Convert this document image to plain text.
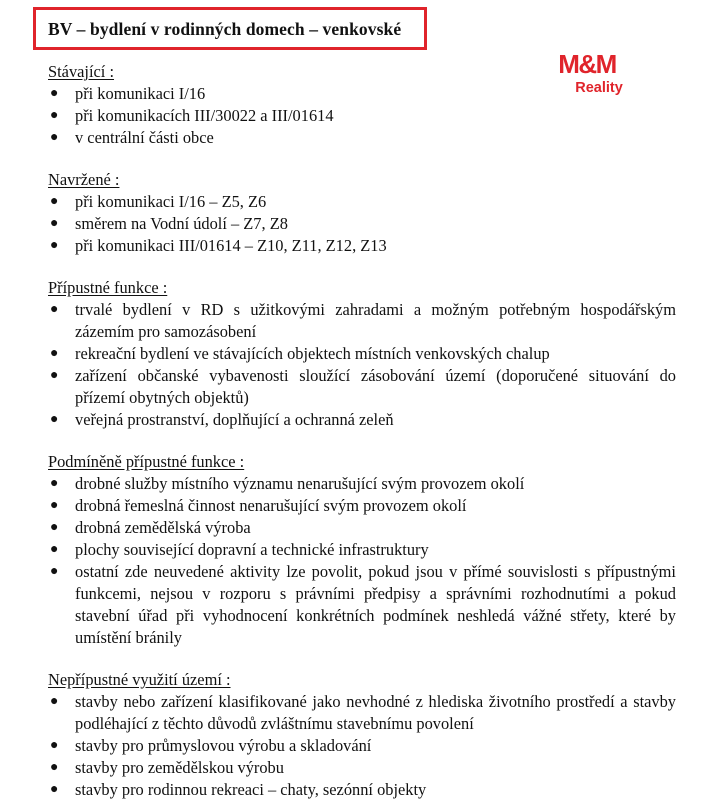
BV – bydlení v rodinných domech – venkovské
M&M
Reality
Stávající :
● při komunikaci I/16
● při komunikacích III/30022 a III/01614
● v centrální části obce
Navržené :
● při komunikaci I/16 – Z5, Z6
● směrem na Vodní údolí – Z7, Z8
● při komunikaci III/01614 – Z10, Z11, Z12, Z13
Přípustné funkce :
● trvalé bydlení v RD s užitkovými zahradami a možným potřebným hospodářským zázemím pro samozásobení
● rekreační bydlení ve stávajících objektech místních venkovských chalup
● zařízení občanské vybavenosti sloužící zásobování území (doporučené situování do přízemí obytných objektů)
● veřejná prostranství, doplňující a ochranná zeleň
Podmíněně přípustné funkce :
● drobné služby místního významu nenarušující svým provozem okolí
● drobná řemeslná činnost nenarušující svým provozem okolí
● drobná zemědělská výroba
● plochy související dopravní a technické infrastruktury
● ostatní zde neuvedené aktivity lze povolit, pokud jsou v přímé souvislosti s přípustnými funkcemi, nejsou v rozporu s právními předpisy a správními rozhodnutími a pokud stavební úřad při vyhodnocení konkrétních podmínek neshledá vážné střety, které by umístění bránily
Nepřípustné využití území :
● stavby nebo zařízení klasifikované jako nevhodné z hlediska životního prostředí a stavby podléhající z těchto důvodů zvláštnímu stavebnímu povolení
● stavby pro průmyslovou výrobu a skladování
● stavby pro zemědělskou výrobu
● stavby pro rodinnou rekreaci – chaty, sezónní objekty
